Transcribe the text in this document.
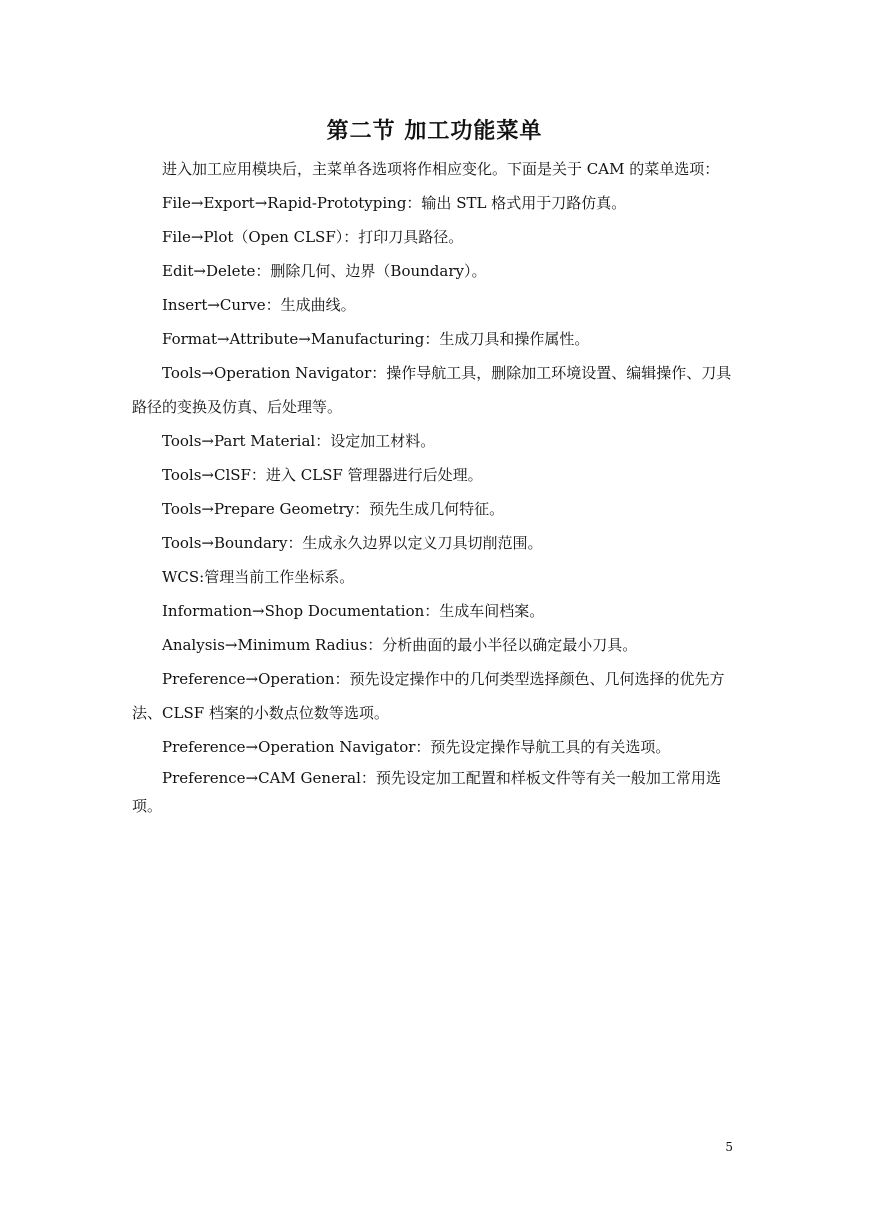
第二节 加工功能菜单

进入加工应用模块后，主菜单各选项将作相应变化。下面是关于 CAM 的菜单选项：

File→Export→Rapid-Prototyping：输出 STL 格式用于刀路仿真。

File→Plot（Open CLSF）：打印刀具路径。

Edit→Delete：删除几何、边界（Boundary）。

Insert→Curve：生成曲线。

Format→Attribute→Manufacturing：生成刀具和操作属性。

Tools→Operation Navigator：操作导航工具，删除加工环境设置、编辑操作、刀具路径的变换及仿真、后处理等。

Tools→Part Material：设定加工材料。

Tools→ClSF：进入 CLSF 管理器进行后处理。

Tools→Prepare Geometry：预先生成几何特征。

Tools→Boundary：生成永久边界以定义刀具切削范围。

WCS:管理当前工作坐标系。

Information→Shop Documentation：生成车间档案。

Analysis→Minimum Radius：分析曲面的最小半径以确定最小刀具。

Preference→Operation：预先设定操作中的几何类型选择颜色、几何选择的优先方法、CLSF 档案的小数点位数等选项。

Preference→Operation Navigator：预先设定操作导航工具的有关选项。

Preference→CAM General：预先设定加工配置和样板文件等有关一般加工常用选项。

5
